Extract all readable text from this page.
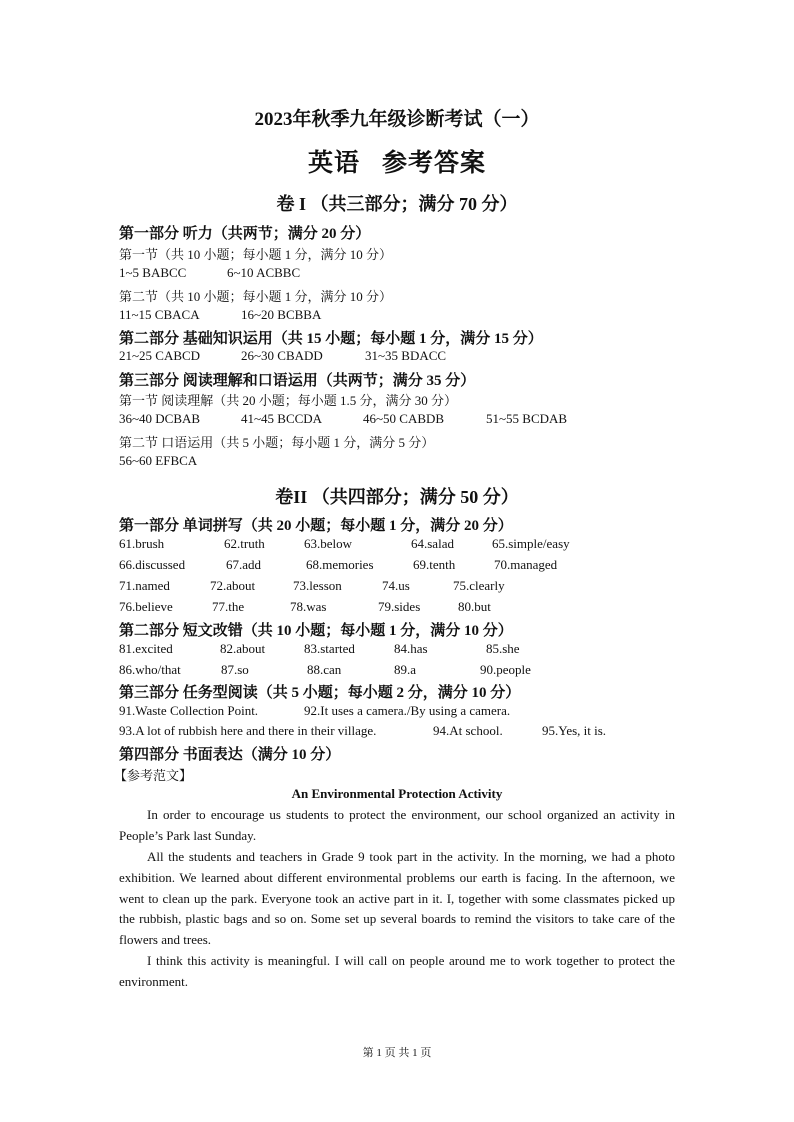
2023年秋季九年级诊断考试（一）
英语 参考答案
卷 I （共三部分；满分 70 分）
第一部分 听力（共两节；满分 20 分）
第一节（共 10 小题；每小题 1 分，满分 10 分）
1~5 BABCC	6~10 ACBBC
第二节（共 10 小题；每小题 1 分，满分 10 分）
11~15 CBACA	16~20 BCBBA
第二部分 基础知识运用（共 15 小题；每小题 1 分，满分 15 分）
21~25 CABCD	26~30 CBADD	31~35 BDACC
第三部分 阅读理解和口语运用（共两节；满分 35 分）
第一节 阅读理解（共 20 小题；每小题 1.5 分，满分 30 分）
36~40 DCBAB	41~45 BCCDA	46~50 CABDB	51~55 BCDAB
第二节 口语运用（共 5 小题；每小题 1 分，满分 5 分）
56~60 EFBCA
卷II （共四部分；满分 50 分）
第一部分 单词拼写（共 20 小题；每小题 1 分，满分 20 分）
61.brush	62.truth	63.below	64.salad	65.simple/easy
66.discussed	67.add	68.memories	69.tenth	70.managed
71.named	72.about	73.lesson	74.us	75.clearly
76.believe	77.the	78.was	79.sides	80.but
第二部分 短文改错（共 10 小题；每小题 1 分，满分 10 分）
81.excited	82.about	83.started	84.has	85.she
86.who/that	87.so	88.can	89.a	90.people
第三部分 任务型阅读（共 5 小题；每小题 2 分，满分 10 分）
91.Waste Collection Point.	92.It uses a camera./By using a camera.
93.A lot of rubbish here and there in their village.	94.At school.	95.Yes, it is.
第四部分 书面表达（满分 10 分）
【参考范文】
An Environmental Protection Activity

In order to encourage us students to protect the environment, our school organized an activity in People’s Park last Sunday.

All the students and teachers in Grade 9 took part in the activity. In the morning, we had a photo exhibition. We learned about different environmental problems our earth is facing. In the afternoon, we went to clean up the park. Everyone took an active part in it. I, together with some classmates picked up the rubbish, plastic bags and so on. Some set up several boards to remind the visitors to take care of the flowers and trees.

I think this activity is meaningful. I will call on people around me to work together to protect the environment.

第 1 页 共 1 页
